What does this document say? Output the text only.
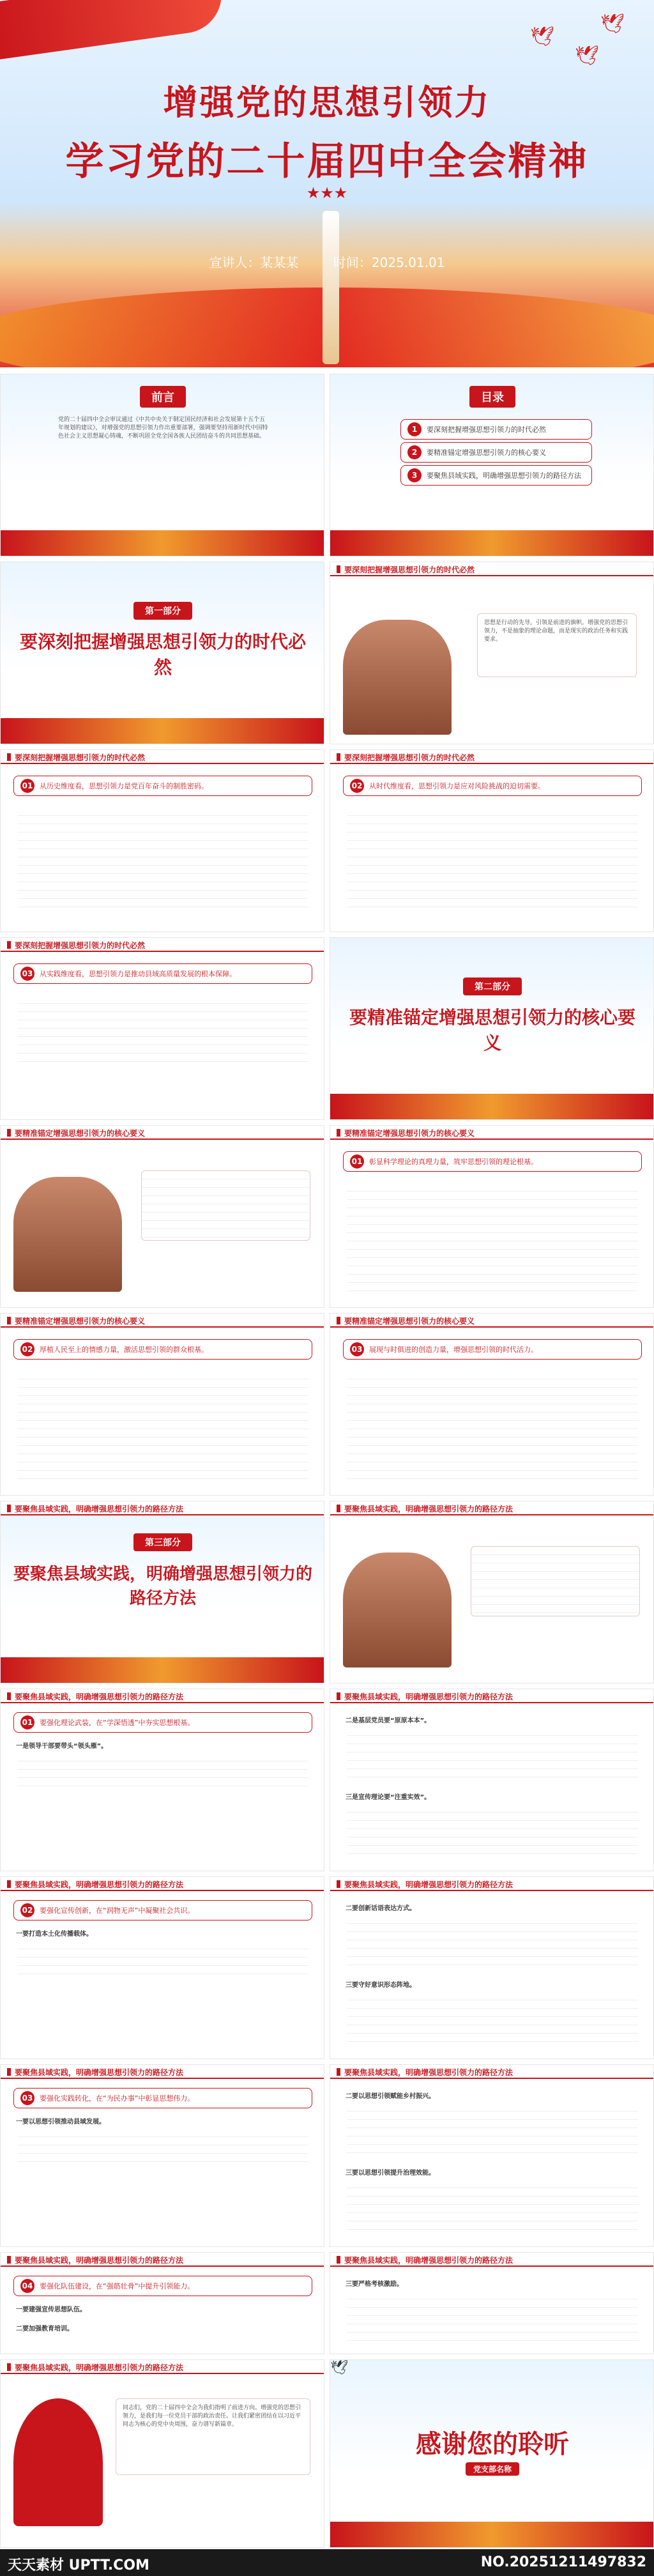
🕊
🕊
🕊
增强党的思想引领力
学习党的二十届四中全会精神
★★★
宣讲人：某某某	时间：2025.01.01
前言
党的二十届四中全会审议通过《中共中央关于制定国民经济和社会发展第十五个五年规划的建议》，对增强党的思想引领力作出重要部署，强调要坚持用新时代中国特色社会主义思想凝心铸魂，不断巩固全党全国各族人民团结奋斗的共同思想基础。
目录
1 要深刻把握增强思想引领力的时代必然
2 要精准锚定增强思想引领力的核心要义
3 要聚焦县域实践，明确增强思想引领力的路径方法
第一部分
要深刻把握增强思想引领力的时代必然
要深刻把握增强思想引领力的时代必然
思想是行动的先导，引领是前进的旗帜。增强党的思想引领力，不是抽象的理论命题，而是现实的政治任务和实践要求。
要深刻把握增强思想引领力的时代必然
01 从历史维度看，思想引领力是党百年奋斗的制胜密码。
要深刻把握增强思想引领力的时代必然
02 从时代维度看，思想引领力是应对风险挑战的迫切需要。
要深刻把握增强思想引领力的时代必然
03 从实践维度看，思想引领力是推动县域高质量发展的根本保障。
第二部分
要精准锚定增强思想引领力的核心要义
要精准锚定增强思想引领力的核心要义	要精准锚定增强思想引领力的核心要义
01 彰显科学理论的真理力量，筑牢思想引领的理论根基。
要精准锚定增强思想引领力的核心要义
02 厚植人民至上的情感力量，激活思想引领的群众根基。
要精准锚定增强思想引领力的核心要义
03 展现与时俱进的创造力量，增强思想引领的时代活力。
要聚焦县域实践，明确增强思想引领力的路径方法
第三部分
要聚焦县域实践，明确增强思想引领力的路径方法
要聚焦县域实践，明确增强思想引领力的路径方法
要聚焦县域实践，明确增强思想引领力的路径方法
01 要强化理论武装，在“学深悟透”中夯实思想根基。
一是领导干部要带头“领头雁”。
要聚焦县域实践，明确增强思想引领力的路径方法
二是基层党员要“原原本本”。
三是宣传理论要“注重实效”。
要聚焦县域实践，明确增强思想引领力的路径方法
02 要强化宣传创新，在“润物无声”中凝聚社会共识。
一要打造本土化传播载体。
要聚焦县域实践，明确增强思想引领力的路径方法
二要创新话语表达方式。
三要守好意识形态阵地。
要聚焦县域实践，明确增强思想引领力的路径方法
03 要强化实践转化，在“为民办事”中彰显思想伟力。
一要以思想引领推动县域发展。
要聚焦县域实践，明确增强思想引领力的路径方法
二要以思想引领赋能乡村振兴。
三要以思想引领提升治理效能。
要聚焦县域实践，明确增强思想引领力的路径方法
04 要强化队伍建设，在“强筋壮骨”中提升引领能力。
一要建强宣传思想队伍。
二要加强教育培训。
要聚焦县域实践，明确增强思想引领力的路径方法
三要严格考核激励。
要聚焦县域实践，明确增强思想引领力的路径方法
同志们，党的二十届四中全会为我们指明了前进方向。增强党的思想引领力，是我们每一位党员干部的政治责任。让我们紧密团结在以习近平同志为核心的党中央周围，奋力谱写新篇章。
🕊
感谢您的聆听
党支部名称
天天素材 UPTT.COM	NO.20251211497832
